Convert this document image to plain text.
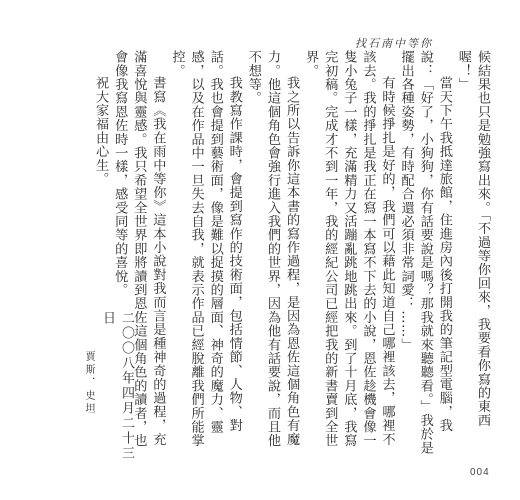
找石南中等你

候結果也只是勉強寫出來。「不過等你回來，我要看你寫的東西喔！」

當天下午我抵達旅館，住進房內後打開我的筆記型電腦，我說：「好了，小狗狗，你有話要說是嗎？那我就來聽聽看。」我於是擺出各種姿勢，有時配合還必須非常詞愛：……」

有時候掙扎是好的，我們可以藉此知道自己哪裡該去，哪裡不該去。我的掙扎是我正在寫一本寫不下去的小說，恩佐趁機會像一隻小兔子一樣，充滿精力又活蹦亂跳地跳出來。到了十月底，我寫完初稿。完成才不到一年，我的經紀公司已經把我的新書賣到全世界。

我之所以告訴你這本書的寫作過程，是因為恩佐這個角色有魔力。他這個角色會強行進入我們的世界，因為他有話要說，而且他不想等。

我教寫作課時，會提到寫作的技術面，包括情節、人物、對話。我也會提到藝術面，像是難以捉摸的層面、神奇的魔力、靈感，以及在作品中一旦失去自我，就表示作品已經脫離我們所能掌控。

書寫《我在雨中等你》這本小說對我而言是種神奇的過程，充滿喜悅與靈感。我只希望全世界即將讀到恩佐這個角色的讀者，也會像我寫恩佐時一樣，感受同等的喜悅。

祝大家福由心生。

二〇〇八年四月二十三日

賈斯．史坦

004
